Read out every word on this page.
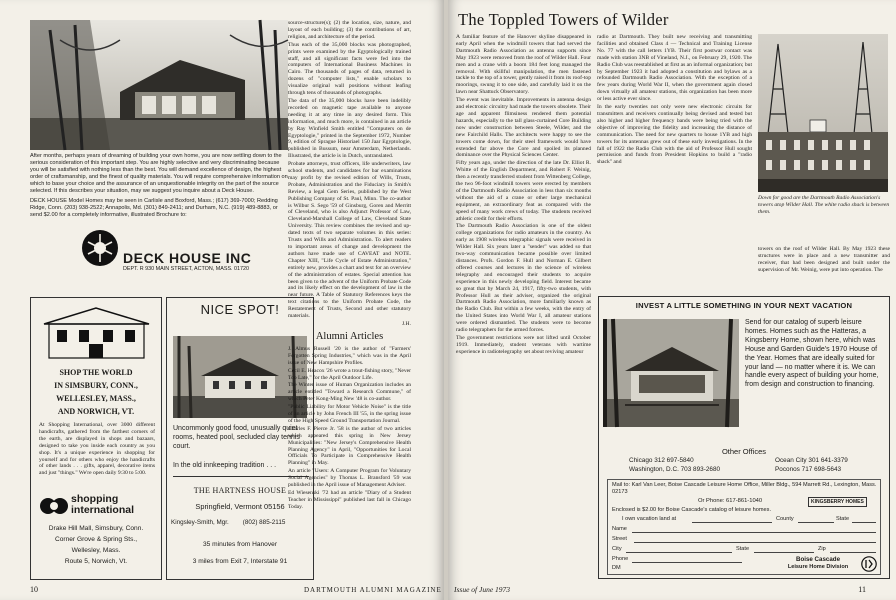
After months, perhaps years of dreaming of building your own home, you are now settling down to the serious consideration of this important step. You are highly selective and very discriminating because you will be satisfied with nothing less than the best. You will demand excellence of design, the highest order of craftsmanship, and the finest of quality materials. You will require comprehensive information on which to base your choice and the assurance of an unquestionable integrity on the part of the source selected. If this describes your situation, may we suggest you inquire about a Deck House.
DECK HOUSE Model Homes may be seen in Carlisle and Boxford, Mass.; (617) 369-7000; Redding Ridge, Conn. (203) 938-2522; Annapolis, Md. (301) 849-2411; and Durham, N.C. (919) 489-8883, or send $2.00 for a completely informative, illustrated Brochure to:
DECK HOUSE INC
DEPT. R 930 MAIN STREET, ACTON, MASS. 01720
SHOP THE WORLD
IN SIMSBURY, CONN.,
WELLESLEY, MASS.,
AND NORWICH, VT.
At Shopping International, over 3000 different handicrafts, gathered from the farthest corners of the earth, are displayed in shops and bazaars, designed to take you inside each country as you shop. It's a unique experience in shopping for yourself and for others who enjoy the handicrafts of other lands . . . gifts, apparel, decorative items and just "things." We're open daily 9:30 to 5:00.
shopping international
Drake Hill Mall, Simsbury, Conn.
Corner Grove & Spring Sts.,
Wellesley, Mass.
Route 5, Norwich, Vt.
NICE SPOT!
Uncommonly good food, unusually quiet rooms, heated pool, secluded clay tennis court.
In the old innkeeping tradition . . .
THE HARTNESS HOUSE
Springfield, Vermont 05156
Kingsley-Smith, Mgr.        (802) 885-2115
35 minutes from Hanover
3 miles from Exit 7, Interstate 91

source-structure(s); (2) the location, size, nature, and layout of each building; (3) the contributions of art, religion, and architecture of the period.

Thus each of the 35,000 blocks was photographed, prints were examined by the Egyptologically trained staff, and all significant facts were fed into the computers of International Business Machines in Cairo. The thousands of pages of data, returned in dozens of "computer lists," enable scholars to visualize original wall positions without leafing through tens of thousands of photographs.

The data of the 35,000 blocks have been indelibly recorded on magnetic tape available to anyone needing it at any time in any desired form. This information, and much more, is contained in an article by Ray Winfield Smith entitled "Computers on de Egyptologie," printed in the September 1972, Number 9, edition of Sprague Historiael 150 Jaar Egyptologie, published in Bussum, near Amsterdam, Netherlands. Illustrated, the article is in Dutch, untranslated.

Probate attorneys, trust officers, life underwriters, law school students, and candidates for bar examinations may profit by the revised edition of Wills, Trusts, Probate, Administration and the Fiduciary in Smith's Review, a legal Gem Series, published by the West Publishing Company of St. Paul, Minn. The co-author is Wilbur S. Sego '59 of Ginsburg, Goren and Merritt of Cleveland, who is also Adjunct Professor of Law, Cleveland-Marshall College of Law, Cleveland State University. This review combines the revised and up-dated texts of two separate volumes in this series: Trusts and Wills and Administration. To alert readers to important areas of change and development the authors have made use of CAVEAT and NOTE. Chapter XIII, "Life Cycle of Estate Administration," entirely new, provides a chart and text for an overview of the administration of estates. Special attention has been given to the advent of the Uniform Probate Code and its likely effect on the development of law in the near future. A Table of Statutory References keys the text citations to the Uniform Probate Code, the Restatement of Trusts, Second and other statutory materials.

J.H.

Alumni Articles

J. Almus Russell '20 is the author of "Farmers' Forgotten Spring Industries," which was in the April issue of New Hampshire Profiles.

Cecil E. Heacox '26 wrote a trout-fishing story, "Never Too Late," for the April Outdoor Life.

The Winter issue of Human Organization includes an article entitled "Toward a Research Commune," of which Peter Kong-Ming New '48 is co-author.

"Public Liability for Motor Vehicle Noise" is the title of an article by John French III '55, in the spring issue of the High Speed Ground Transportation Journal.

Charles F. Pierce Jr. '58 is the author of two articles which appeared this spring in New Jersey Municipalities: "New Jersey's Comprehensive Health Planning Agency" in April, "Opportunities for Local Officials To Participate in Comprehensive Health Planning" in May.

An article "Users: A Computer Program for Voluntary Social Agencies" by Thomas L. Bransford '59 was published in the April issue of Management Adviser.

Ed Wiesenski '72 had an article "Diary of a Student Teacher in Mississippi" published last fall in Chicago Today.

10
The Toppled Towers of Wilder

A familiar feature of the Hanover skyline disappeared in early April when the windmill towers that had served the Dartmouth Radio Association as antenna supports since May 1923 were removed from the roof of Wilder Hall. Four men and a crane with a boom 184 feet long managed the removal. With skillful manipulation, the men fastened tackle to the top of a tower, gently raised it from its roof-top moorings, swung it to one side, and carefully laid it on the lawn near Shattuck Observatory.

The event was inevitable. Improvements in antenna design and electronic circuitry had made the towers obsolete. Their age and apparent flimsiness rendered them potential hazards, especially to the tall glass-curtained Core Building now under construction between Steele, Wilder, and the new Fairchild Halls. The architects were happy to see the towers come down, for their steel framework would have extended far above the Core and spoiled its planned dominance over the Physical Sciences Center.

Fifty years ago, under the direction of the late Dr. Elliot R. Whitte of the English Department, and Robert F. Weinig, then a recently transferred student from Wittenberg College, the two 96-foot windmill towers were erected by members of the Dartmouth Radio Association in less than six months without the aid of a crane or other large mechanical equipment, an extraordinary feat as compared with the speed of many work crews of today. The students received athletic credit for their efforts.

The Dartmouth Radio Association is one of the oldest college organizations for radio amateurs in the country. As early as 1908 wireless telegraphic signals were received in Wilder Hall. Six years later a "sender" was added so that two-way communication became possible over limited distances. Profs. Gordon F. Hull and Norman E. Gilbert offered courses and lectures in the science of wireless telegraphy and encouraged their students to acquire experience in this newly developing field. Interest became so great that by March 24, 1917, fifty-two students, with Professor Hull as their adviser, organized the original Dartmouth Radio Association, more familiarly known as the Radio Club. But within a few weeks, with the entry of the United States into World War I, all amateur stations were ordered dismantled. The students were to become radio telegraphers for the armed forces.

The government restrictions were not lifted until October 1919. Immediately, student veterans with wartime experience in radiotelegraphy set about reviving amateur

radio at Dartmouth. They built new receiving and transmitting facilities and obtained Class 4 — Technical and Training License No. 77 with the call letters 1YB. Their first postwar contact was made with station 3NB of Vineland, N.J., on February 29, 1920. The Radio Club was reestablished at first as an informal organization; but by September 1923 it had adopted a constitution and bylaws as a refounded Dartmouth Radio Association. With the exception of a few years during World War II, when the government again closed down virtually all amateur stations, this organization has been more or less active ever since.

In the early twenties not only were new electronic circuits for transmitters and receivers continually being devised and tested but also higher and higher frequency bands were being tried with the objective of improving the fidelity and increasing the distance of communication. The need for new quarters to house 1YB and high towers for its antennas grew out of these early investigations. In the fall of 1922 the Radio Club with the aid of Professor Hull sought permission and funds from President Hopkins to build a "radio shack" and

Down for good are the Dartmouth Radio Association's towers atop Wilder Hall. The white radio shack is between them.
towers on the roof of Wilder Hall. By May 1923 these structures were in place and a new transmitter and receiver, that had been designed and built under the supervision of Mr. Weinig, were put into operation. The
INVEST A LITTLE SOMETHING IN YOUR NEXT VACATION
Send for our catalog of superb leisure homes. Homes such as the Hatteras, a Kingsberry Home, shown here, which was House and Garden Guide's 1970 House of the Year. Homes that are ideally suited for your land — no matter where it is. We can handle every aspect of building your home, from design and construction to financing.
Other Offices
Chicago 312 697-5840	Ocean City 301 641-3379
Washington, D.C. 703 893-2680	Poconos 717 698-5643
Mail to: Karl Van Leer, Boise Cascade Leisure Home Office, Miller Bldg., 594 Marrett Rd., Lexington, Mass. 02173
Or Phone: 617-861-1040	KINGSBERRY HOMES
Enclosed is $2.00 for Boise Cascade's catalog of leisure homes.
I own vacation land at	County	State
Name
Street
City	State	Zip
Phone
DM
Boise Cascade
Leisure Home Division
DARTMOUTH ALUMNI MAGAZINE Issue of June 1973	11
